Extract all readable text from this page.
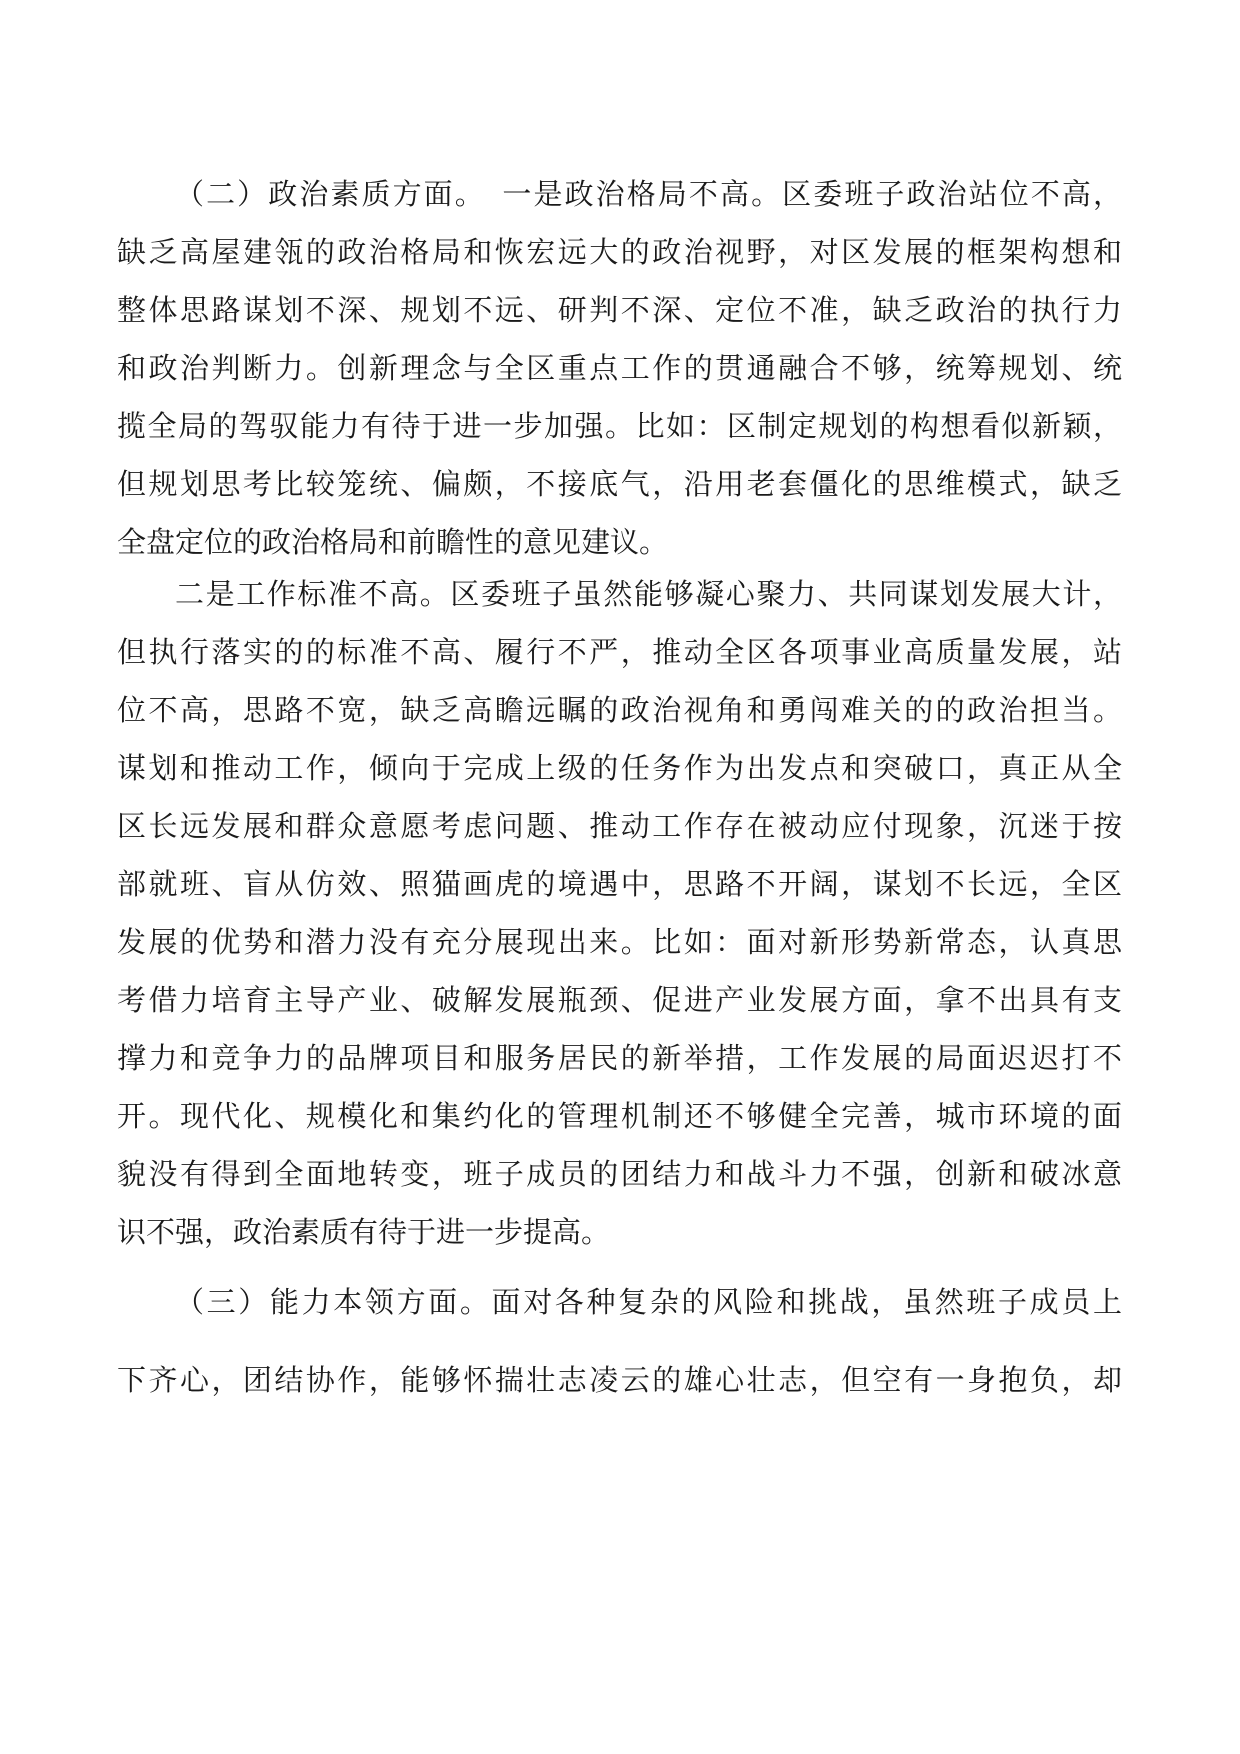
（二）政治素质方面。　一是政治格局不高。区委班子政治站位不高，
缺乏高屋建瓴的政治格局和恢宏远大的政治视野，对区发展的框架构想和
整体思路谋划不深、规划不远、研判不深、定位不准，缺乏政治的执行力
和政治判断力。创新理念与全区重点工作的贯通融合不够，统筹规划、统
揽全局的驾驭能力有待于进一步加强。比如：区制定规划的构想看似新颖，
但规划思考比较笼统、偏颇，不接底气，沿用老套僵化的思维模式，缺乏
全盘定位的政治格局和前瞻性的意见建议。
二是工作标准不高。区委班子虽然能够凝心聚力、共同谋划发展大计，
但执行落实的的标准不高、履行不严，推动全区各项事业高质量发展，站
位不高，思路不宽，缺乏高瞻远瞩的政治视角和勇闯难关的的政治担当。
谋划和推动工作，倾向于完成上级的任务作为出发点和突破口，真正从全
区长远发展和群众意愿考虑问题、推动工作存在被动应付现象，沉迷于按
部就班、盲从仿效、照猫画虎的境遇中，思路不开阔，谋划不长远，全区
发展的优势和潜力没有充分展现出来。比如：面对新形势新常态，认真思
考借力培育主导产业、破解发展瓶颈、促进产业发展方面，拿不出具有支
撑力和竞争力的品牌项目和服务居民的新举措，工作发展的局面迟迟打不
开。现代化、规模化和集约化的管理机制还不够健全完善，城市环境的面
貌没有得到全面地转变，班子成员的团结力和战斗力不强，创新和破冰意
识不强，政治素质有待于进一步提高。
（三）能力本领方面。面对各种复杂的风险和挑战，虽然班子成员上
下齐心，团结协作，能够怀揣壮志凌云的雄心壮志，但空有一身抱负，却
